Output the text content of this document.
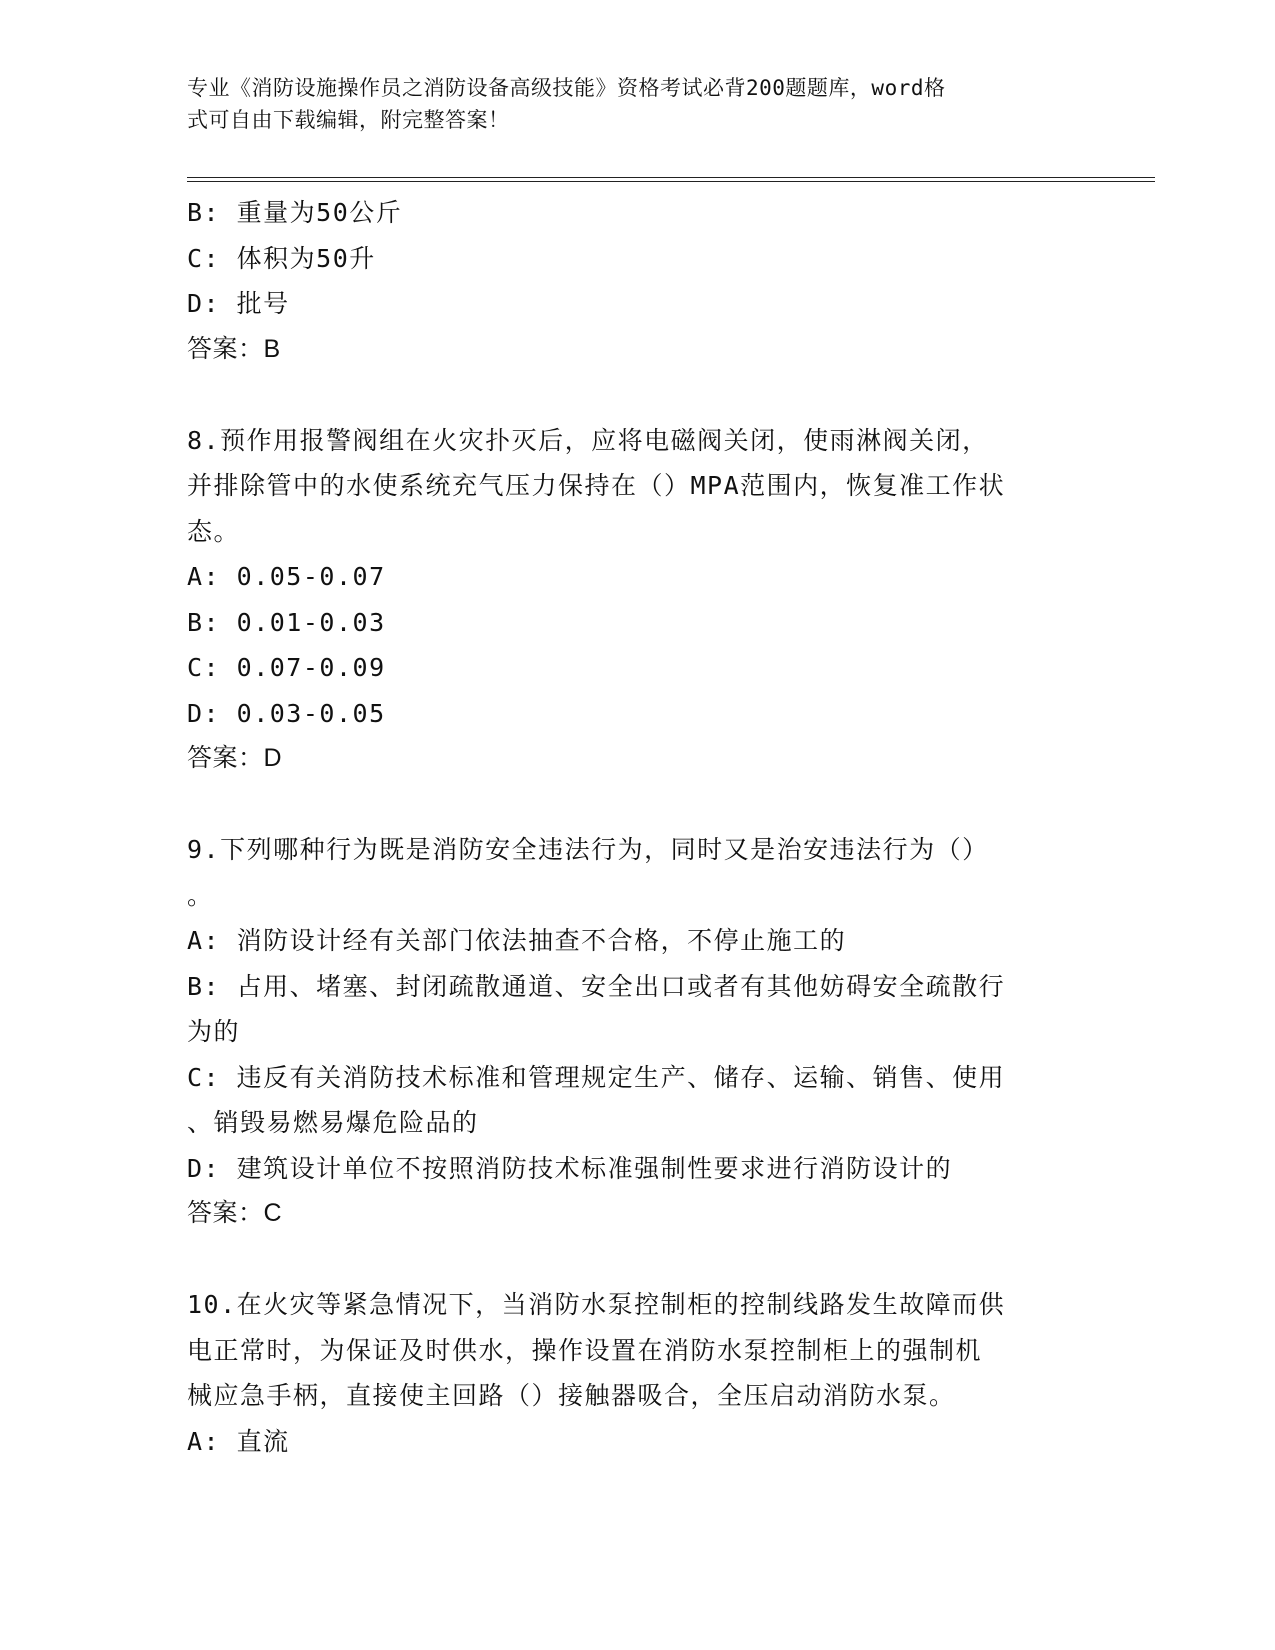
专业《消防设施操作员之消防设备高级技能》资格考试必背200题题库，word格
式可自由下载编辑，附完整答案！
B: 重量为50公斤
C: 体积为50升
D: 批号
答案：B
8.预作用报警阀组在火灾扑灭后，应将电磁阀关闭，使雨淋阀关闭，
并排除管中的水使系统充气压力保持在（）MPA范围内，恢复准工作状
态。
A: 0.05-0.07
B: 0.01-0.03
C: 0.07-0.09
D: 0.03-0.05
答案：D
9.下列哪种行为既是消防安全违法行为，同时又是治安违法行为（）
。
A: 消防设计经有关部门依法抽查不合格，不停止施工的
B: 占用、堵塞、封闭疏散通道、安全出口或者有其他妨碍安全疏散行
为的
C: 违反有关消防技术标准和管理规定生产、储存、运输、销售、使用
、销毁易燃易爆危险品的
D: 建筑设计单位不按照消防技术标准强制性要求进行消防设计的
答案：C
10.在火灾等紧急情况下，当消防水泵控制柜的控制线路发生故障而供
电正常时，为保证及时供水，操作设置在消防水泵控制柜上的强制机
械应急手柄，直接使主回路（）接触器吸合，全压启动消防水泵。
A: 直流
